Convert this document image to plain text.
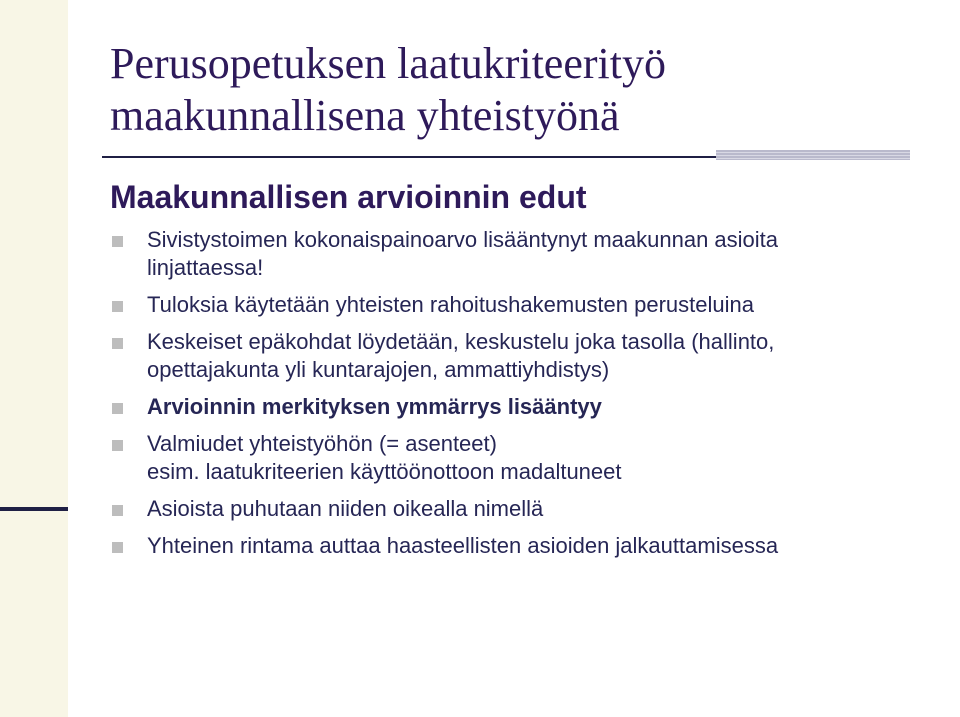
Perusopetuksen laatukriteerityö
maakunnallisena yhteistyönä
Maakunnallisen arvioinnin edut
Sivistystoimen kokonaispainoarvo lisääntynyt maakunnan asioita
linjattaessa!
Tuloksia käytetään yhteisten rahoitushakemusten perusteluina
Keskeiset epäkohdat löydetään, keskustelu joka tasolla (hallinto,
opettajakunta yli kuntarajojen, ammattiyhdistys)
Arvioinnin merkityksen ymmärrys lisääntyy
Valmiudet yhteistyöhön (= asenteet)
esim. laatukriteerien käyttöönottoon madaltuneet
Asioista puhutaan niiden oikealla nimellä
Yhteinen rintama auttaa haasteellisten asioiden jalkauttamisessa
